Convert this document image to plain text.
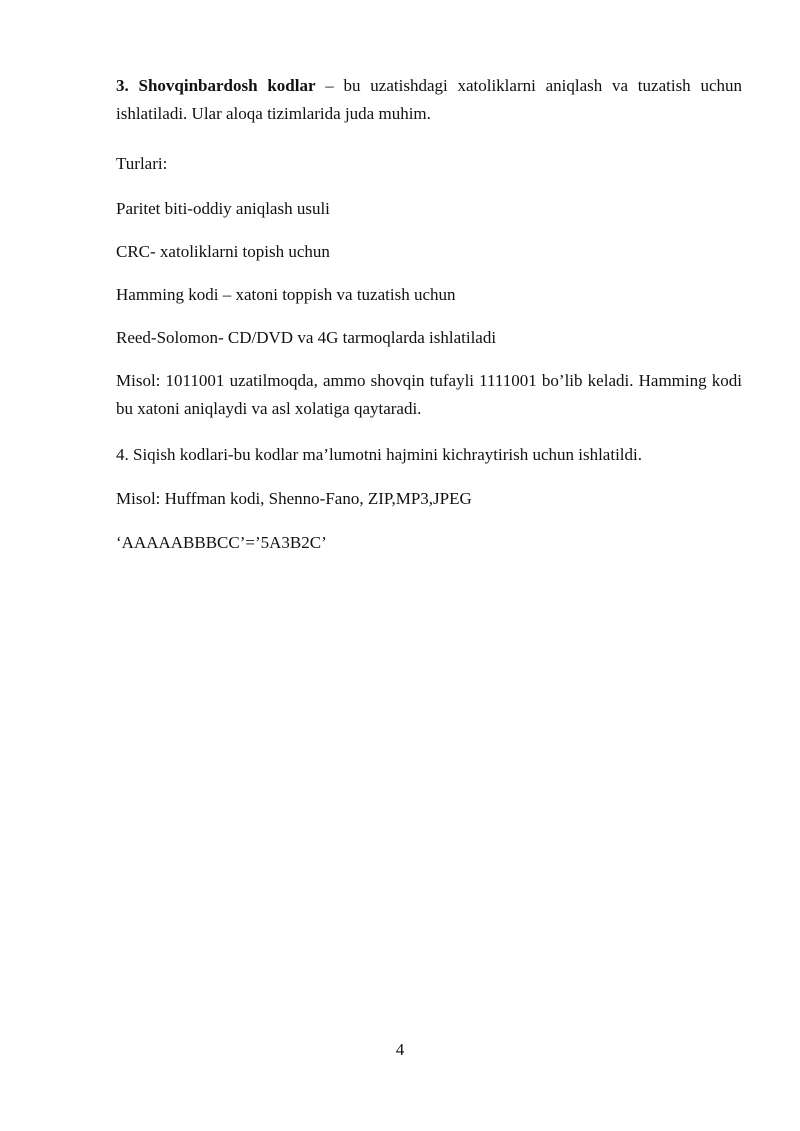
3. Shovqinbardosh kodlar – bu uzatishdagi xatoliklarni aniqlash va tuzatish uchun ishlatiladi. Ular aloqa tizimlarida juda muhim.

Turlari:

Paritet biti-oddiy aniqlash usuli

CRC- xatoliklarni topish uchun

Hamming kodi – xatoni toppish va tuzatish uchun

Reed-Solomon- CD/DVD va 4G tarmoqlarda ishlatiladi

Misol: 1011001 uzatilmoqda, ammo shovqin tufayli 1111001 bo’lib keladi. Hamming kodi bu xatoni aniqlaydi va asl xolatiga qaytaradi.

4. Siqish kodlari-bu kodlar ma’lumotni hajmini kichraytirish uchun ishlatildi.

Misol: Huffman kodi, Shenno-Fano, ZIP,MP3,JPEG

‘AAAAABBBCC’=’5A3B2C’

4
